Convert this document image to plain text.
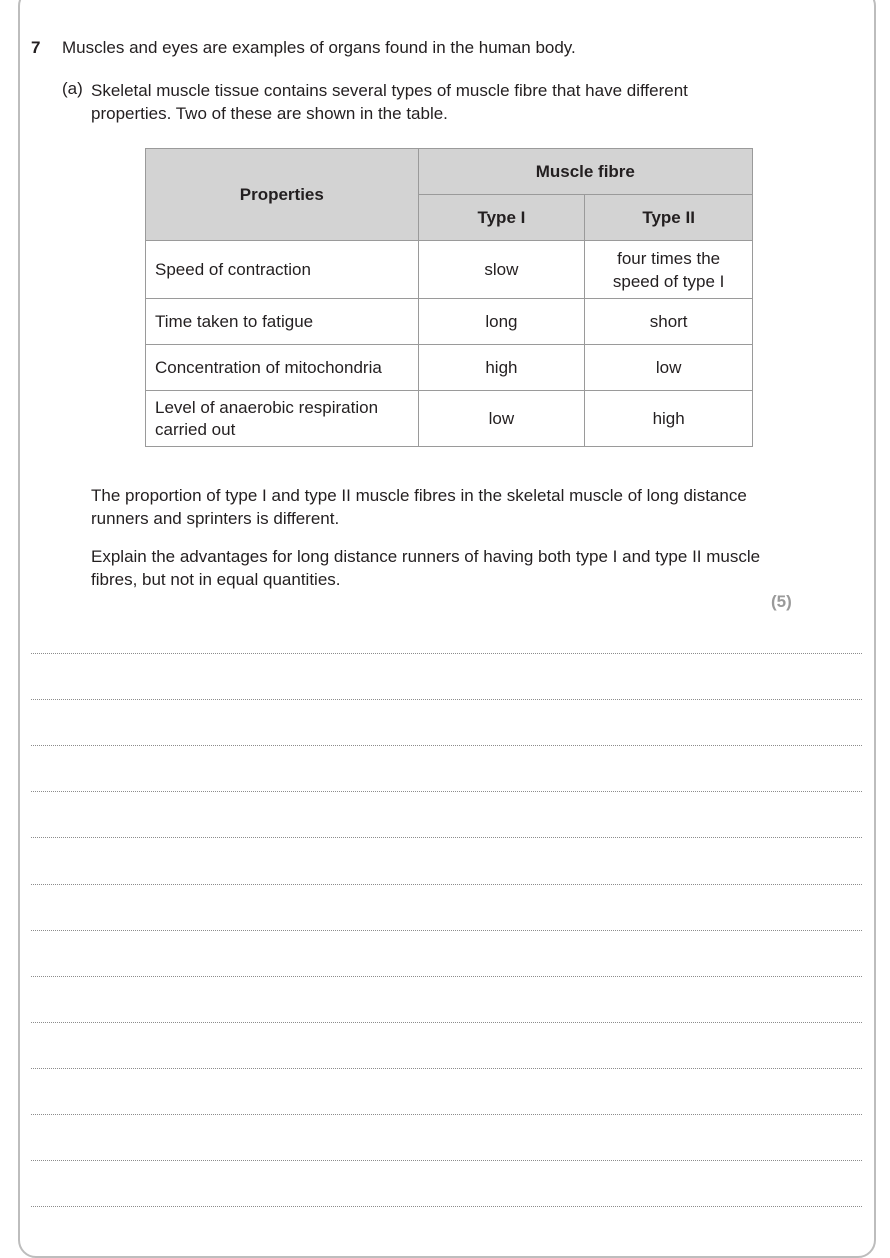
7 Muscles and eyes are examples of organs found in the human body.
(a) Skeletal muscle tissue contains several types of muscle fibre that have different properties. Two of these are shown in the table.
Properties	Muscle fibre	
	Type I	Type II
Speed of contraction	slow	four times the speed of type I
Time taken to fatigue	long	short
Concentration of mitochondria	high	low
Level of anaerobic respiration carried out	low	high
The proportion of type I and type II muscle fibres in the skeletal muscle of long distance runners and sprinters is different.
Explain the advantages for long distance runners of having both type I and type II muscle fibres, but not in equal quantities.
(5)
